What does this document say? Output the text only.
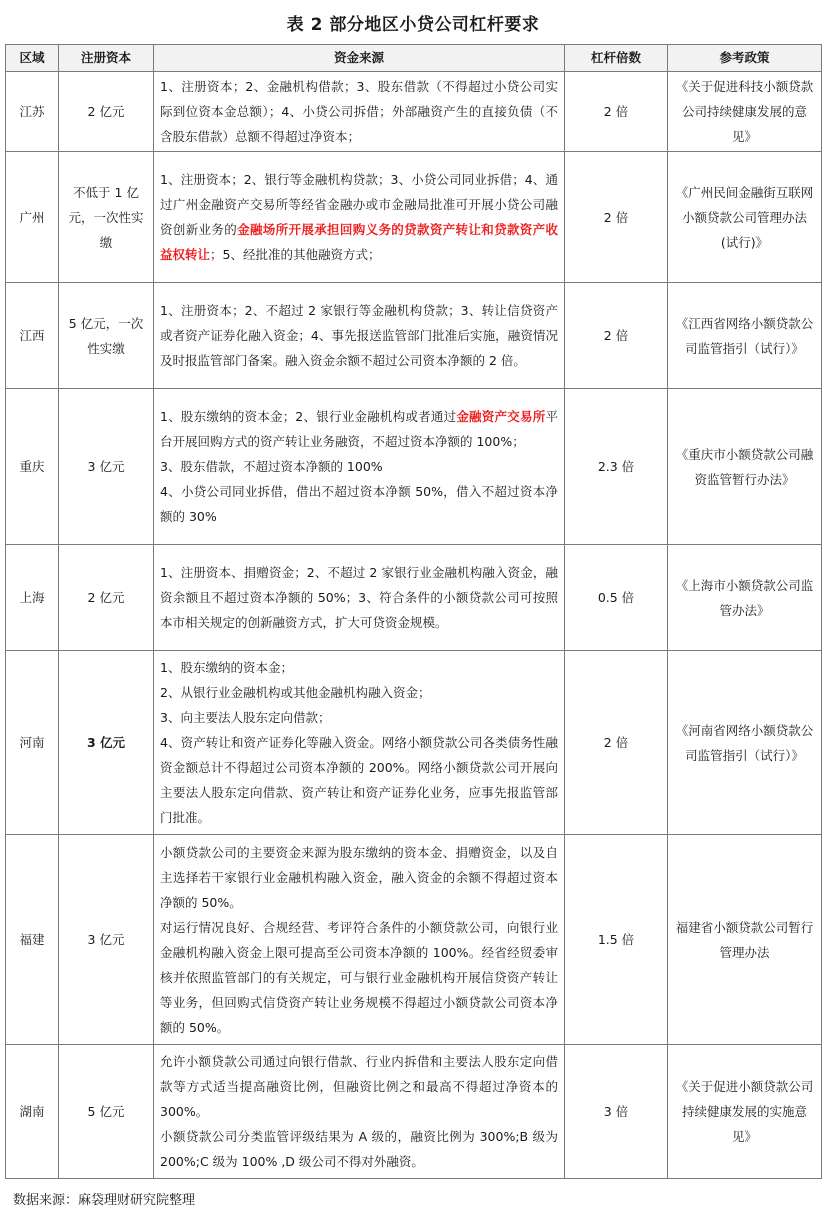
表 2 部分地区小贷公司杠杆要求
区域	注册资本	资金来源	杠杆倍数	参考政策
江苏	2 亿元	1、注册资本；2、金融机构借款；3、股东借款（不得超过小贷公司实际到位资本金总额）；4、小贷公司拆借；外部融资产生的直接负债（不含股东借款）总额不得超过净资本；	2 倍	《关于促进科技小额贷款公司持续健康发展的意见》
广州	不低于 1 亿元，一次性实缴	1、注册资本；2、银行等金融机构贷款；3、小贷公司同业拆借；4、通过广州金融资产交易所等经省金融办或市金融局批准可开展小贷公司融资创新业务的金融场所开展承担回购义务的贷款资产转让和贷款资产收益权转让；5、经批准的其他融资方式；	2 倍	《广州民间金融街互联网小额贷款公司管理办法(试行)》
江西	5 亿元，一次性实缴	1、注册资本；2、不超过 2 家银行等金融机构贷款；3、转让信贷资产或者资产证券化融入资金；4、事先报送监管部门批准后实施，融资情况及时报监管部门备案。融入资金余额不超过公司资本净额的 2 倍。	2 倍	《江西省网络小额贷款公司监管指引（试行）》
重庆	3 亿元	1、股东缴纳的资本金；2、银行业金融机构或者通过金融资产交易所平台开展回购方式的资产转让业务融资，不超过资本净额的 100%；
3、股东借款，不超过资本净额的 100%
4、小贷公司同业拆借，借出不超过资本净额 50%，借入不超过资本净额的 30%	2.3 倍	《重庆市小额贷款公司融资监管暂行办法》
上海	2 亿元	1、注册资本、捐赠资金；2、不超过 2 家银行业金融机构融入资金，融资余额且不超过资本净额的 50%；3、符合条件的小额贷款公司可按照本市相关规定的创新融资方式，扩大可贷资金规模。	0.5 倍	《上海市小额贷款公司监管办法》
河南	3 亿元	1、股东缴纳的资本金；
2、从银行业金融机构或其他金融机构融入资金；
3、向主要法人股东定向借款；
4、资产转让和资产证券化等融入资金。网络小额贷款公司各类债务性融资金额总计不得超过公司资本净额的 200%。网络小额贷款公司开展向主要法人股东定向借款、资产转让和资产证券化业务，应事先报监管部门批准。	2 倍	《河南省网络小额贷款公司监管指引（试行）》
福建	3 亿元	小额贷款公司的主要资金来源为股东缴纳的资本金、捐赠资金，以及自主选择若干家银行业金融机构融入资金，融入资金的余额不得超过资本净额的 50%。
对运行情况良好、合规经营、考评符合条件的小额贷款公司，向银行业金融机构融入资金上限可提高至公司资本净额的 100%。经省经贸委审核并依照监管部门的有关规定，可与银行业金融机构开展信贷资产转让等业务，但回购式信贷资产转让业务规模不得超过小额贷款公司资本净额的 50%。	1.5 倍	福建省小额贷款公司暂行管理办法
湖南	5 亿元	允许小额贷款公司通过向银行借款、行业内拆借和主要法人股东定向借款等方式适当提高融资比例，但融资比例之和最高不得超过净资本的 300%。
小额贷款公司分类监管评级结果为 A 级的，融资比例为 300%;B 级为 200%;C 级为 100% ,D 级公司不得对外融资。	3 倍	《关于促进小额贷款公司持续健康发展的实施意见》
数据来源：麻袋理财研究院整理
